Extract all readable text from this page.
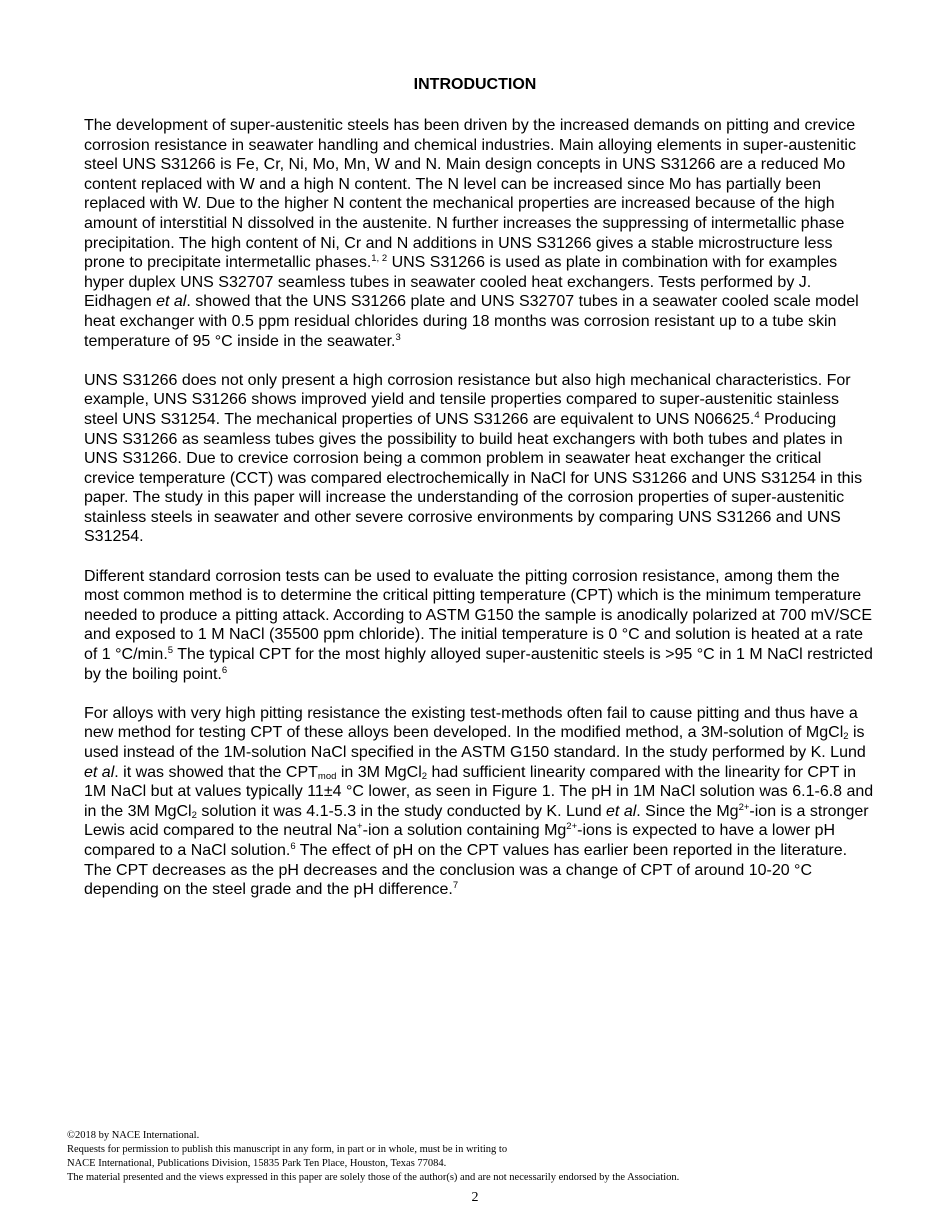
INTRODUCTION

The development of super-austenitic steels has been driven by the increased demands on pitting and crevice corrosion resistance in seawater handling and chemical industries. Main alloying elements in super-austenitic steel UNS S31266 is Fe, Cr, Ni, Mo, Mn, W and N. Main design concepts in UNS S31266 are a reduced Mo content replaced with W and a high N content. The N level can be increased since Mo has partially been replaced with W. Due to the higher N content the mechanical properties are increased because of the high amount of interstitial N dissolved in the austenite. N further increases the suppressing of intermetallic phase precipitation. The high content of Ni, Cr and N additions in UNS S31266 gives a stable microstructure less prone to precipitate intermetallic phases.$^{1, 2}$ UNS S31266 is used as plate in combination with for examples hyper duplex UNS S32707 seamless tubes in seawater cooled heat exchangers. Tests performed by J. Eidhagen et al. showed that the UNS S31266 plate and UNS S32707 tubes in a seawater cooled scale model heat exchanger with 0.5 ppm residual chlorides during 18 months was corrosion resistant up to a tube skin temperature of 95 °C inside in the seawater.$^3$

UNS S31266 does not only present a high corrosion resistance but also high mechanical characteristics. For example, UNS S31266 shows improved yield and tensile properties compared to super-austenitic stainless steel UNS S31254. The mechanical properties of UNS S31266 are equivalent to UNS N06625.$^4$ Producing UNS S31266 as seamless tubes gives the possibility to build heat exchangers with both tubes and plates in UNS S31266. Due to crevice corrosion being a common problem in seawater heat exchanger the critical crevice temperature (CCT) was compared electrochemically in NaCl for UNS S31266 and UNS S31254 in this paper. The study in this paper will increase the understanding of the corrosion properties of super-austenitic stainless steels in seawater and other severe corrosive environments by comparing UNS S31266 and UNS S31254.

Different standard corrosion tests can be used to evaluate the pitting corrosion resistance, among them the most common method is to determine the critical pitting temperature (CPT) which is the minimum temperature needed to produce a pitting attack. According to ASTM G150 the sample is anodically polarized at 700 mV/SCE and exposed to 1 M NaCl (35500 ppm chloride). The initial temperature is 0 °C and solution is heated at a rate of 1 °C/min.$^5$ The typical CPT for the most highly alloyed super-austenitic steels is >95 °C in 1 M NaCl restricted by the boiling point.$^6$

For alloys with very high pitting resistance the existing test-methods often fail to cause pitting and thus have a new method for testing CPT of these alloys been developed. In the modified method, a 3M-solution of MgCl$_2$ is used instead of the 1M-solution NaCl specified in the ASTM G150 standard. In the study performed by K. Lund et al. it was showed that the $CPT_{mod}$ in 3M MgCl$_2$ had sufficient linearity compared with the linearity for CPT in 1M NaCl but at values typically 11±4 °C lower, as seen in Figure 1. The pH in 1M NaCl solution was 6.1-6.8 and in the 3M MgCl$_2$ solution it was 4.1-5.3 in the study conducted by K. Lund et al. Since the $Mg^{2+}$-ion is a stronger Lewis acid compared to the neutral Na+-ion a solution containing $Mg^{2+}$-ions is expected to have a lower pH compared to a NaCl solution.$^6$ The effect of pH on the CPT values has earlier been reported in the literature. The CPT decreases as the pH decreases and the conclusion was a change of CPT of around 10-20 °C depending on the steel grade and the pH difference.$^7$

©2018 by NACE International.
Requests for permission to publish this manuscript in any form, in part or in whole, must be in writing to
NACE International, Publications Division, 15835 Park Ten Place, Houston, Texas 77084.
The material presented and the views expressed in this paper are solely those of the author(s) and are not necessarily endorsed by the Association.
2
